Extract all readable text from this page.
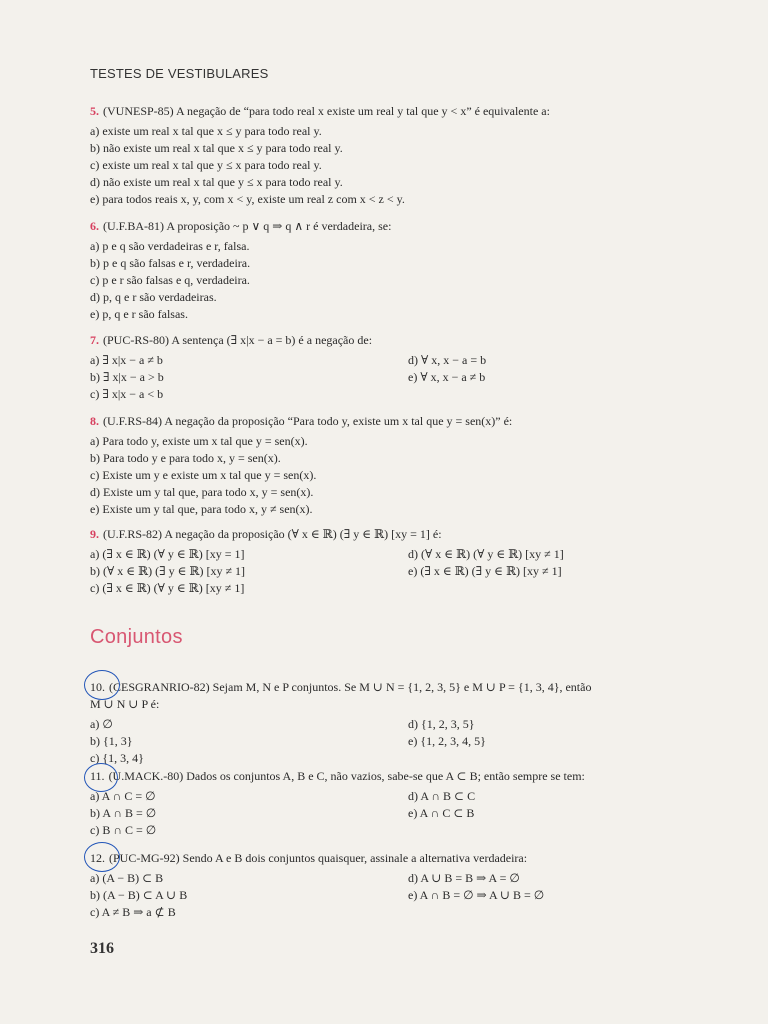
TESTES DE VESTIBULARES
5. (VUNESP-85) A negação de “para todo real x existe um real y tal que y < x” é equivalente a:
a) existe um real x tal que x ≤ y para todo real y.
b) não existe um real x tal que x ≤ y para todo real y.
c) existe um real x tal que y ≤ x para todo real y.
d) não existe um real x tal que y ≤ x para todo real y.
e) para todos reais x, y, com x < y, existe um real z com x < z < y.
6. (U.F.BA-81) A proposição ~ p ∨ q ⇒ q ∧ r é verdadeira, se:
a) p e q são verdadeiras e r, falsa.
b) p e q são falsas e r, verdadeira.
c) p e r são falsas e q, verdadeira.
d) p, q e r são verdadeiras.
e) p, q e r são falsas.
7. (PUC-RS-80) A sentença (∃ x|x − a = b) é a negação de:
a) ∃ x|x − a ≠ b	d) ∀ x, x − a = b
b) ∃ x|x − a > b	e) ∀ x, x − a ≠ b
c) ∃ x|x − a < b
8. (U.F.RS-84) A negação da proposição “Para todo y, existe um x tal que y = sen(x)” é:
a) Para todo y, existe um x tal que y = sen(x).
b) Para todo y e para todo x, y = sen(x).
c) Existe um y e existe um x tal que y = sen(x).
d) Existe um y tal que, para todo x, y = sen(x).
e) Existe um y tal que, para todo x, y ≠ sen(x).
9. (U.F.RS-82) A negação da proposição (∀ x ∈ ℝ) (∃ y ∈ ℝ) [xy = 1] é:
a) (∃ x ∈ ℝ) (∀ y ∈ ℝ) [xy = 1]	d) (∀ x ∈ ℝ) (∀ y ∈ ℝ) [xy ≠ 1]
b) (∀ x ∈ ℝ) (∃ y ∈ ℝ) [xy ≠ 1]	e) (∃ x ∈ ℝ) (∃ y ∈ ℝ) [xy ≠ 1]
c) (∃ x ∈ ℝ) (∀ y ∈ ℝ) [xy ≠ 1]
Conjuntos
10. (CESGRANRIO-82) Sejam M, N e P conjuntos. Se M ∪ N = {1, 2, 3, 5} e M ∪ P = {1, 3, 4}, então
M ∪ N ∪ P é:
a) ∅	d) {1, 2, 3, 5}
b) {1, 3}	e) {1, 2, 3, 4, 5}
c) {1, 3, 4}
11. (U.MACK.-80) Dados os conjuntos A, B e C, não vazios, sabe-se que A ⊂ B; então sempre se tem:
a) A ∩ C = ∅	d) A ∩ B ⊂ C
b) A ∩ B = ∅	e) A ∩ C ⊂ B
c) B ∩ C = ∅
12. (PUC-MG-92) Sendo A e B dois conjuntos quaisquer, assinale a alternativa verdadeira:
a) (A − B) ⊂ B	d) A ∪ B = B ⇒ A = ∅
b) (A − B) ⊂ A ∪ B	e) A ∩ B = ∅ ⇒ A ∪ B = ∅
c) A ≠ B ⇒ a ⊄ B
316
